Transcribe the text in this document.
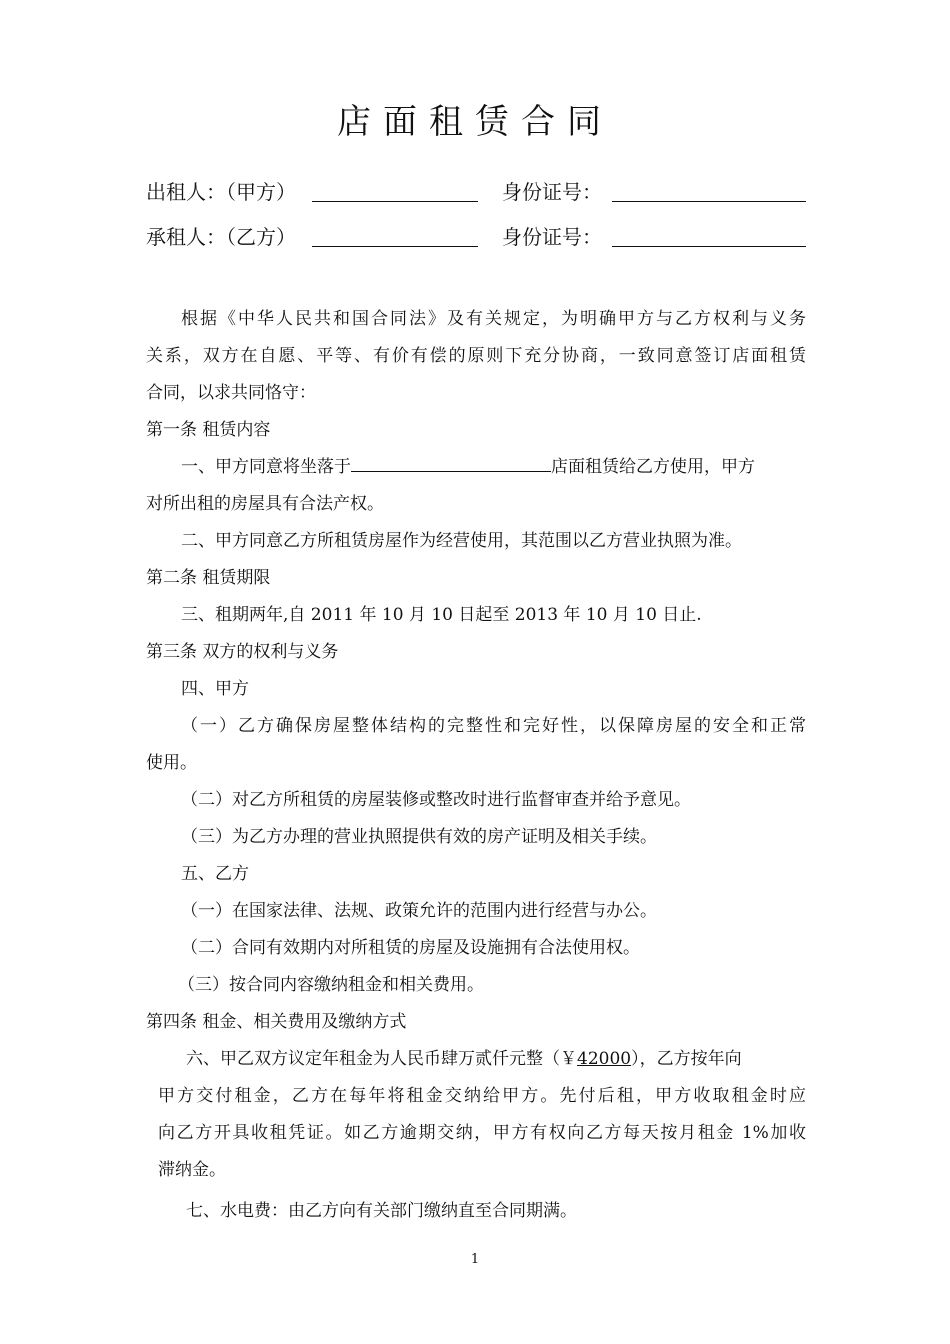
店面租赁合同
出租人：（甲方）	身份证号：
承租人：（乙方）	身份证号：
根据《中华人民共和国合同法》及有关规定，为明确甲方与乙方权利与义务
关系，双方在自愿、平等、有价有偿的原则下充分协商，一致同意签订店面租赁
合同，以求共同恪守：
第一条 租赁内容
一、甲方同意将坐落于	店面租赁给乙方使用，甲方
对所出租的房屋具有合法产权。
二、甲方同意乙方所租赁房屋作为经营使用，其范围以乙方营业执照为准。
第二条 租赁期限
三、租期两年,自 2011 年 10 月 10 日起至 2013 年 10 月 10 日止.
第三条 双方的权利与义务
四、甲方
（一）乙方确保房屋整体结构的完整性和完好性，以保障房屋的安全和正常
使用。
（二）对乙方所租赁的房屋装修或整改时进行监督审查并给予意见。
（三）为乙方办理的营业执照提供有效的房产证明及相关手续。
五、乙方
（一）在国家法律、法规、政策允许的范围内进行经营与办公。
（二）合同有效期内对所租赁的房屋及设施拥有合法使用权。
（三）按合同内容缴纳租金和相关费用。
第四条 租金、相关费用及缴纳方式
六、甲乙双方议定年租金为人民币肆万贰仟元整（￥42000），乙方按年向
甲方交付租金，乙方在每年将租金交纳给甲方。先付后租，甲方收取租金时应
向乙方开具收租凭证。如乙方逾期交纳，甲方有权向乙方每天按月租金 1%加收
滞纳金。
七、水电费：由乙方向有关部门缴纳直至合同期满。
1
